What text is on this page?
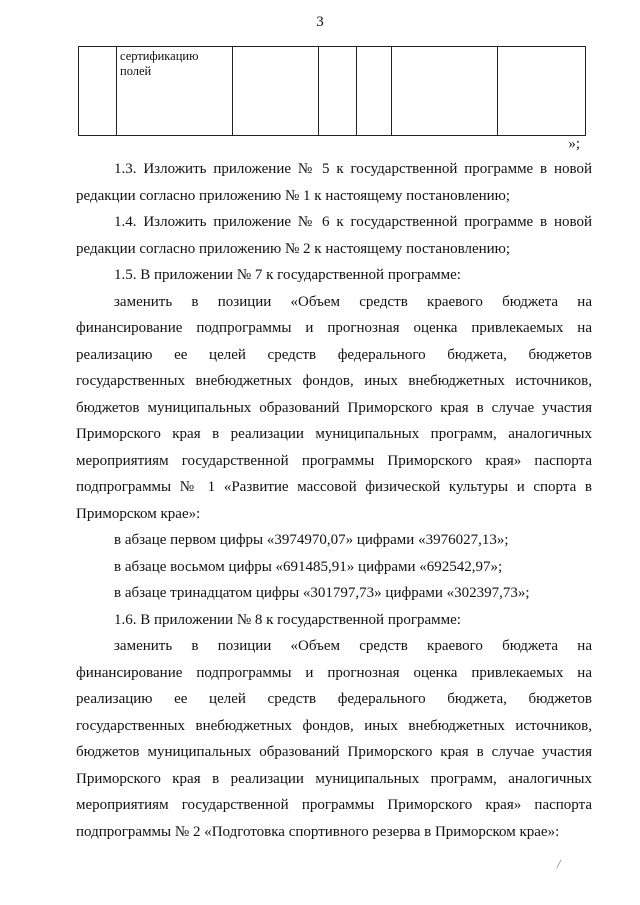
3
	сертификацию
полей					
»;

1.3. Изложить приложение № 5 к государственной программе в новой редакции согласно приложению № 1 к настоящему постановлению;

1.4. Изложить приложение № 6 к государственной программе в новой редакции согласно приложению № 2 к настоящему постановлению;

1.5. В приложении № 7 к государственной программе:

заменить в позиции «Объем средств краевого бюджета на финансирование подпрограммы и прогнозная оценка привлекаемых на реализацию ее целей средств федерального бюджета, бюджетов государственных внебюджетных фондов, иных внебюджетных источников, бюджетов муниципальных образований Приморского края в случае участия Приморского края в реализации муниципальных программ, аналогичных мероприятиям государственной программы Приморского края» паспорта подпрограммы № 1 «Развитие массовой физической культуры и спорта в Приморском крае»:

в абзаце первом цифры «3974970,07» цифрами «3976027,13»;

в абзаце восьмом цифры «691485,91» цифрами «692542,97»;

в абзаце тринадцатом цифры «301797,73» цифрами «302397,73»;

1.6. В приложении № 8 к государственной программе:

заменить в позиции «Объем средств краевого бюджета на финансирование подпрограммы и прогнозная оценка привлекаемых на реализацию ее целей средств федерального бюджета, бюджетов государственных внебюджетных фондов, иных внебюджетных источников, бюджетов муниципальных образований Приморского края в случае участия Приморского края в реализации муниципальных программ, аналогичных мероприятиям государственной программы Приморского края» паспорта подпрограммы № 2 «Подготовка спортивного резерва в Приморском крае»:

/
